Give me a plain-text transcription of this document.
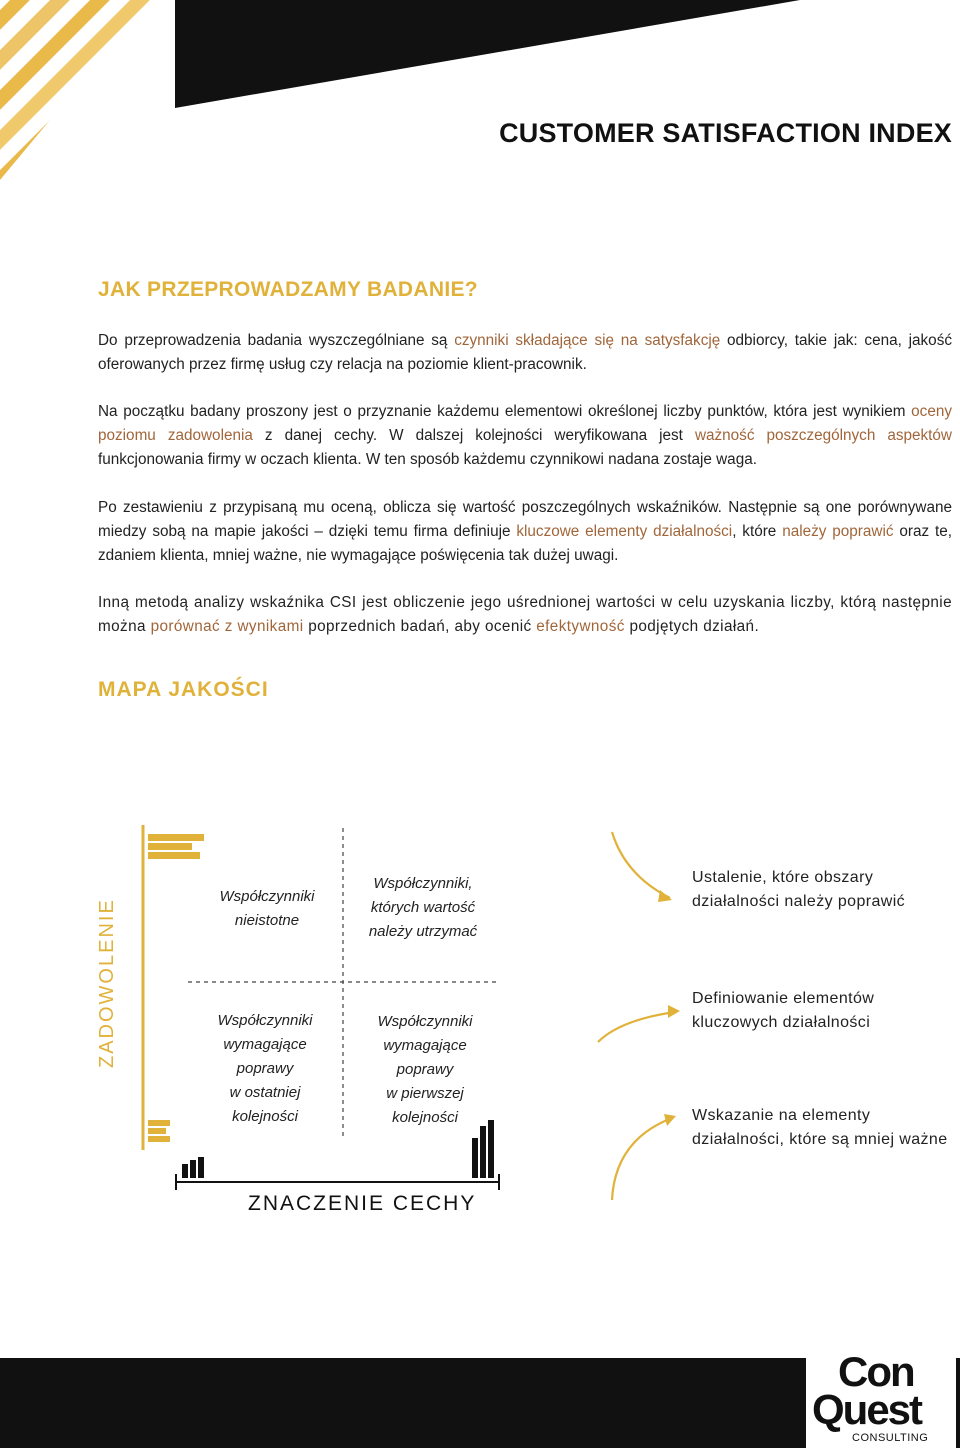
CUSTOMER SATISFACTION INDEX
JAK PRZEPROWADZAMY BADANIE?
Do przeprowadzenia badania wyszczególniane są czynniki składające się na satysfakcję odbiorcy, takie jak: cena, jakość oferowanych przez firmę usług czy relacja na poziomie klient-pracownik.
Na początku badany proszony jest o przyznanie każdemu elementowi określonej liczby punktów, która jest wynikiem oceny poziomu zadowolenia z danej cechy. W dalszej kolejności weryfikowana jest ważność poszczególnych aspektów funkcjonowania firmy w oczach klienta. W ten sposób każdemu czynnikowi nadana zostaje waga.
Po zestawieniu z przypisaną mu oceną, oblicza się wartość poszczególnych wskaźników. Następnie są one porównywane miedzy sobą na mapie jakości – dzięki temu firma definiuje kluczowe elementy działalności, które należy poprawić oraz te, zdaniem klienta, mniej ważne, nie wymagające poświęcenia tak dużej uwagi.
Inną metodą analizy wskaźnika CSI jest obliczenie jego uśrednionej wartości w celu uzyskania liczby, którą następnie można porównać z wynikami poprzednich badań, aby ocenić efektywność podjętych działań.
MAPA JAKOŚCI
ZADOWOLENIE
ZNACZENIE CECHY
Współczynniki
nieistotne
Współczynniki,
których wartość
należy utrzymać
Współczynniki
wymagające
poprawy
w ostatniej
kolejności
Współczynniki
wymagające
poprawy
w pierwszej
kolejności
Ustalenie, które obszary
działalności należy poprawić
Definiowanie elementów
kluczowych działalności
Wskazanie na elementy
działalności, które są mniej ważne
Con
Quest
CONSULTING
